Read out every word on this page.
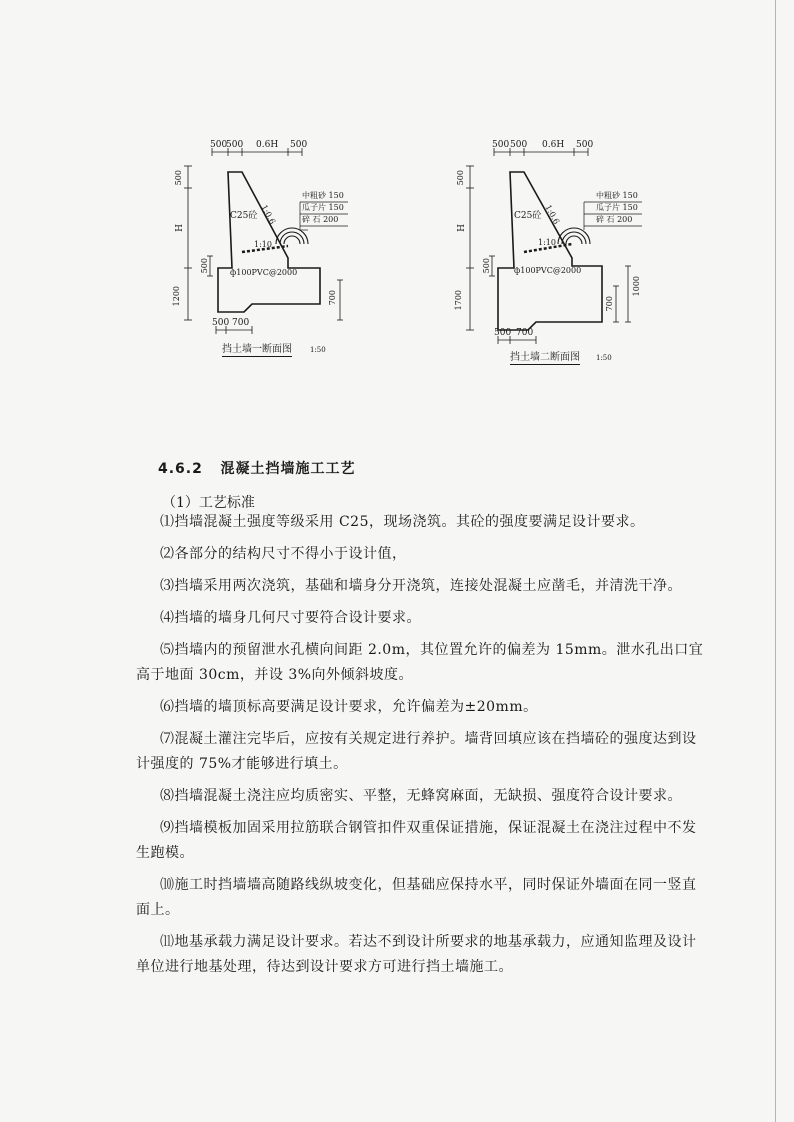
500
500 0.6H 500
500
H
500
1200	700
500 700
C25砼 1:0.6
1:10
ф100PVC@2000
中粗砂 150
瓜子片 150
碎 石 200
挡土墙一断面图	1:50
500 500 0.6H 500
500
H
500
1700	700
1000
500 700
C25砼 1:0.6
1:10
ф100PVC@2000
中粗砂 150
瓜子片 150
碎 石 200
挡土墙二断面图 1:50
4.6.2 混凝土挡墙施工工艺
（1）工艺标准

⑴挡墙混凝土强度等级采用 C25，现场浇筑。其砼的强度要满足设计要求。

⑵各部分的结构尺寸不得小于设计值，

⑶挡墙采用两次浇筑，基础和墙身分开浇筑，连接处混凝土应凿毛，并清洗干净。

⑷挡墙的墙身几何尺寸要符合设计要求。

⑸挡墙内的预留泄水孔横向间距 2.0m，其位置允许的偏差为 15mm。泄水孔出口宜高于地面 30cm，并设 3%向外倾斜坡度。

⑹挡墙的墙顶标高要满足设计要求，允许偏差为±20mm。

⑺混凝土灌注完毕后，应按有关规定进行养护。墙背回填应该在挡墙砼的强度达到设计强度的 75%才能够进行填土。

⑻挡墙混凝土浇注应均质密实、平整，无蜂窝麻面，无缺损、强度符合设计要求。

⑼挡墙模板加固采用拉筋联合钢管扣件双重保证措施，保证混凝土在浇注过程中不发生跑模。

⑽施工时挡墙墙高随路线纵坡变化，但基础应保持水平，同时保证外墙面在同一竖直面上。

⑾地基承载力满足设计要求。若达不到设计所要求的地基承载力，应通知监理及设计单位进行地基处理，待达到设计要求方可进行挡土墙施工。
